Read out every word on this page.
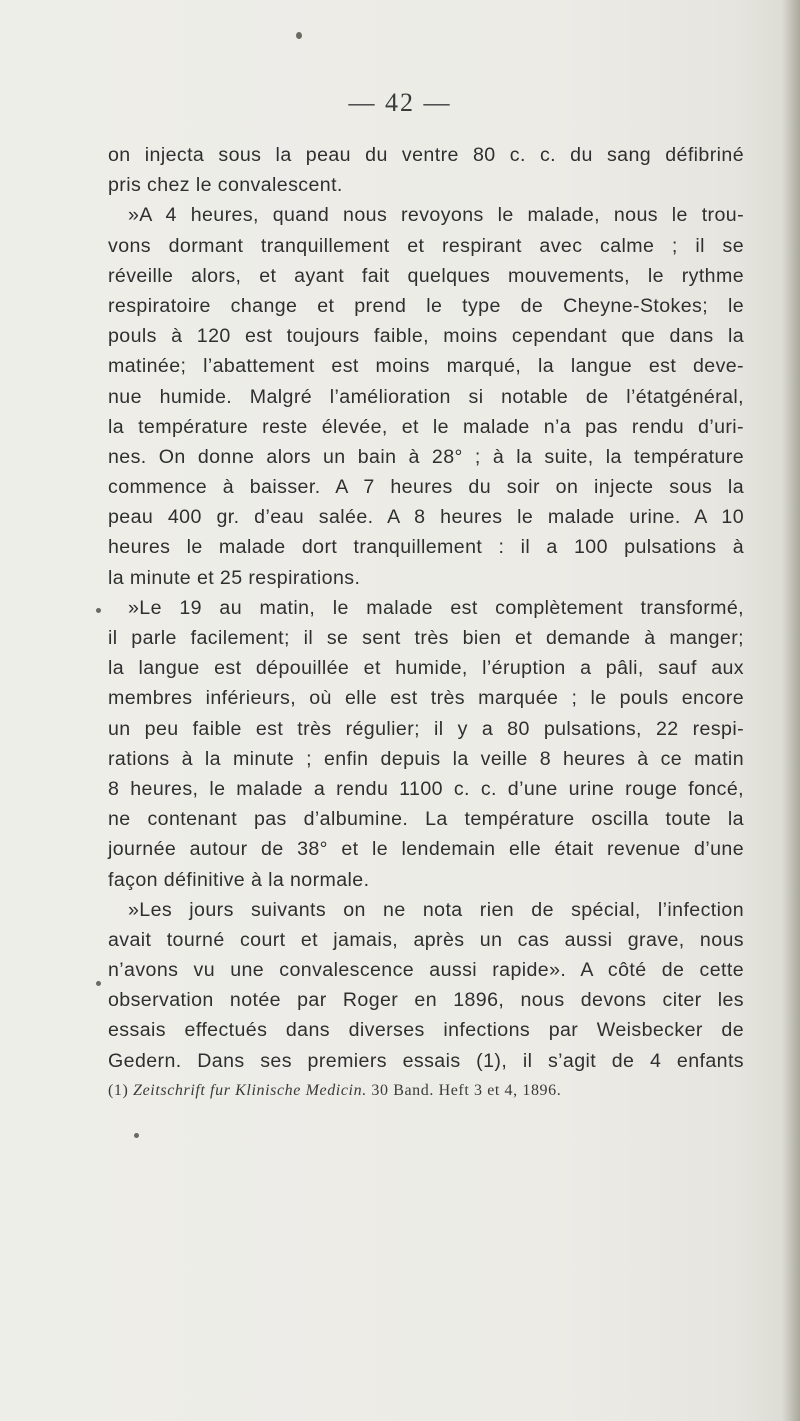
— 42 —
on injecta sous la peau du ventre 80 c. c. du sang défibriné
pris chez le convalescent.
»A 4 heures, quand nous revoyons le malade, nous le trou-
vons dormant tranquillement et respirant avec calme ; il se
réveille alors, et ayant fait quelques mouvements, le rythme
respiratoire change et prend le type de Cheyne-Stokes; le
pouls à 120 est toujours faible, moins cependant que dans la
matinée; l’abattement est moins marqué, la langue est deve-
nue humide. Malgré l’amélioration si notable de l’étatgénéral,
la température reste élevée, et le malade n’a pas rendu d’uri-
nes. On donne alors un bain à 28° ; à la suite, la température
commence à baisser. A 7 heures du soir on injecte sous la
peau 400 gr. d’eau salée. A 8 heures le malade urine. A 10
heures le malade dort tranquillement : il a 100 pulsations à
la minute et 25 respirations.
»Le 19 au matin, le malade est complètement transformé,
il parle facilement; il se sent très bien et demande à manger;
la langue est dépouillée et humide, l’éruption a pâli, sauf aux
membres inférieurs, où elle est très marquée ; le pouls encore
un peu faible est très régulier; il y a 80 pulsations, 22 respi-
rations à la minute ; enfin depuis la veille 8 heures à ce matin
8 heures, le malade a rendu 1100 c. c. d’une urine rouge foncé,
ne contenant pas d’albumine. La température oscilla toute la
journée autour de 38° et le lendemain elle était revenue d’une
façon définitive à la normale.
»Les jours suivants on ne nota rien de spécial, l’infection
avait tourné court et jamais, après un cas aussi grave, nous
n’avons vu une convalescence aussi rapide». A côté de cette
observation notée par Roger en 1896, nous devons citer les
essais effectués dans diverses infections par Weisbecker de
Gedern. Dans ses premiers essais (1), il s’agit de 4 enfants
(1) Zeitschrift fur Klinische Medicin. 30 Band. Heft 3 et 4, 1896.
